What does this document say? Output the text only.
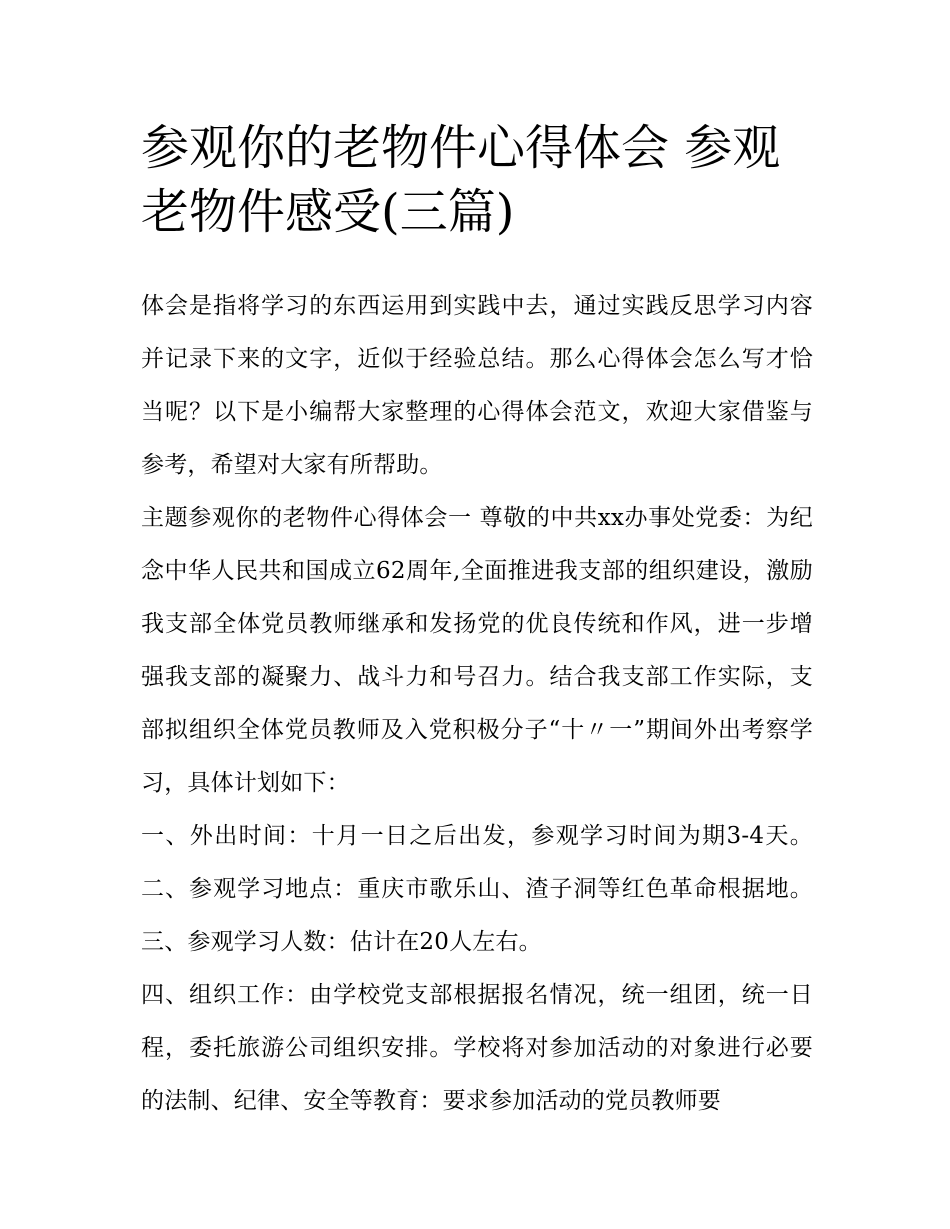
参观你的老物件心得体会 参观老物件感受(三篇)

体会是指将学习的东西运用到实践中去，通过实践反思学习内容并记录下来的文字，近似于经验总结。那么心得体会怎么写才恰当呢？以下是小编帮大家整理的心得体会范文，欢迎大家借鉴与参考，希望对大家有所帮助。

主题参观你的老物件心得体会一 尊敬的中共xx办事处党委：为纪念中华人民共和国成立62周年,全面推进我支部的组织建设，激励我支部全体党员教师继承和发扬党的优良传统和作风，进一步增强我支部的凝聚力、战斗力和号召力。结合我支部工作实际，支部拟组织全体党员教师及入党积极分子“十〃一”期间外出考察学习，具体计划如下：

一、外出时间：十月一日之后出发，参观学习时间为期3-4天。 二、参观学习地点：重庆市歌乐山、渣子洞等红色革命根据地。 三、参观学习人数：估计在20人左右。

四、组织工作：由学校党支部根据报名情况，统一组团，统一日程，委托旅游公司组织安排。学校将对参加活动的对象进行必要的法制、纪律、安全等教育：要求参加活动的党员教师要
